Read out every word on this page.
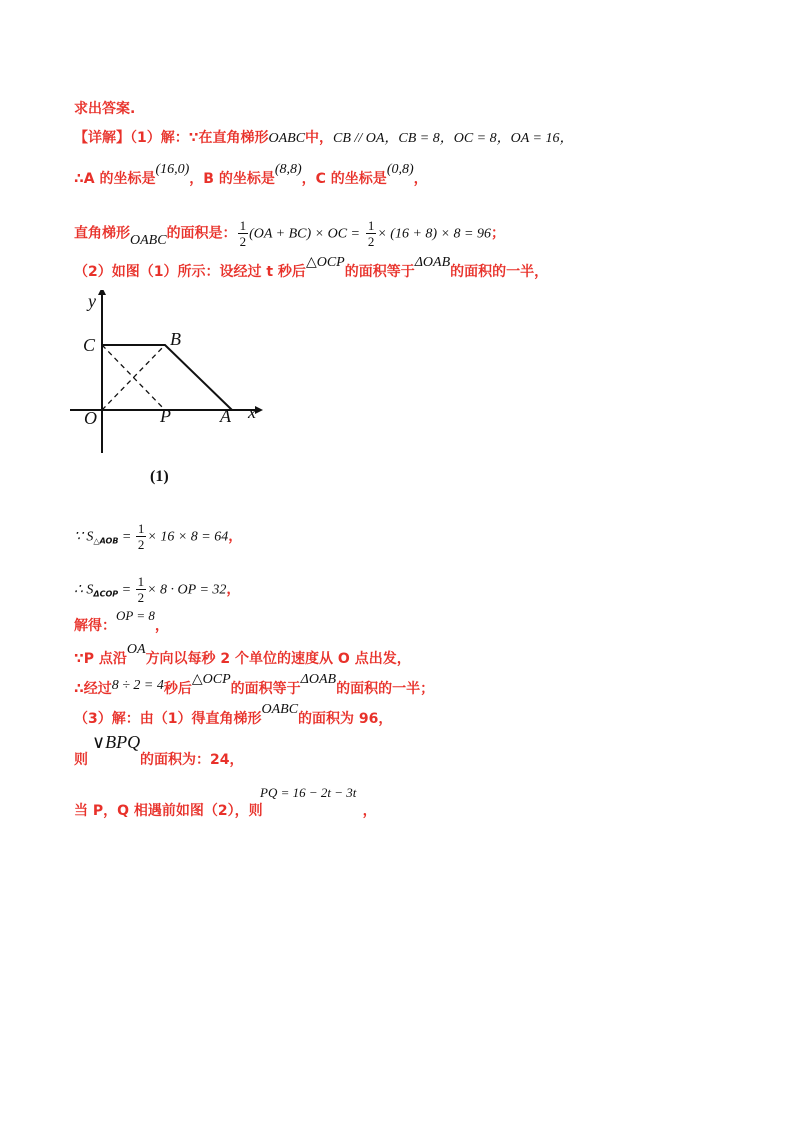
求出答案.
【详解】（1）解：∵在直角梯形OABC中，CB // OA，CB = 8，OC = 8，OA = 16，
∴A 的坐标是(16,0)，B 的坐标是(8,8)，C 的坐标是(0,8)，
直角梯形OABC的面积是： $\frac{1}{2} (OA + BC)$ × OC = $\frac{1}{2} \times (16 + 8) \times 8 = 96$；
（2）如图（1）所示：设经过 t 秒后△OCP的面积等于ΔOAB的面积的一半，
x
y
C	B
O	P	A
(1)
∵ $S_{\triangle AOB} = \frac{1}{2} \times 16 \times 8 = 64$，
∴ $S_{\Delta COP} = \frac{1}{2} \times 8$ · OP = 32，
解得：OP = 8，
∵P 点沿OA方向以每秒 2 个单位的速度从 O 点出发，
∴经过8 ÷ 2 = 4秒后△OCP的面积等于ΔOAB的面积的一半；
（3）解：由（1）得直角梯形OABC的面积为 96，
∨BPQ
则	的面积为：24，
PQ = 16 − 2t − 3t
当 P，Q 相遇前如图（2），则	，
